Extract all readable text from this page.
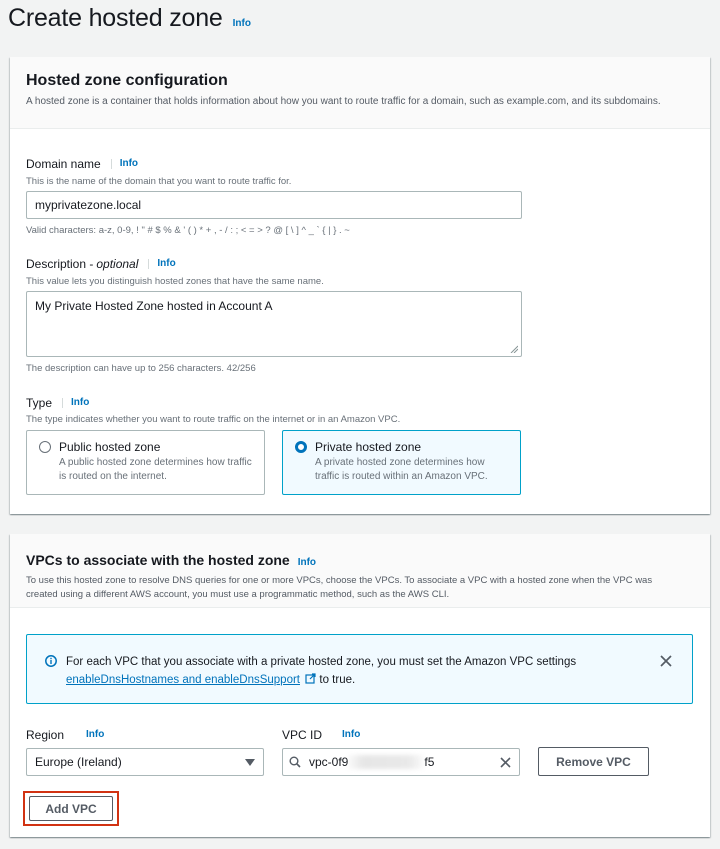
Create hosted zone Info
Hosted zone configuration
A hosted zone is a container that holds information about how you want to route traffic for a domain, such as example.com, and its subdomains.
Domain name	Info
This is the name of the domain that you want to route traffic for.
myprivatezone.local
Valid characters: a-z, 0-9, ! " # $ % & ' ( ) * + , - / : ; < = > ? @ [ \ ] ^ _ ` { | } . ~
Description - optional	Info
This value lets you distinguish hosted zones that have the same name.
My Private Hosted Zone hosted in Account A
The description can have up to 256 characters. 42/256
Type	Info
The type indicates whether you want to route traffic on the internet or in an Amazon VPC.
Public hosted zone
A public hosted zone determines how traffic is routed on the internet.
Private hosted zone
A private hosted zone determines how traffic is routed within an Amazon VPC.
VPCs to associate with the hosted zone Info
To use this hosted zone to resolve DNS queries for one or more VPCs, choose the VPCs. To associate a VPC with a hosted zone when the VPC was created using a different AWS account, you must use a programmatic method, such as the AWS CLI.
For each VPC that you associate with a private hosted zone, you must set the Amazon VPC settings
enableDnsHostnames and enableDnsSupport  to true.
Region	Info
Europe (Ireland)
VPC ID	Info
vpc-0f9	f5	Remove VPC
Add VPC
